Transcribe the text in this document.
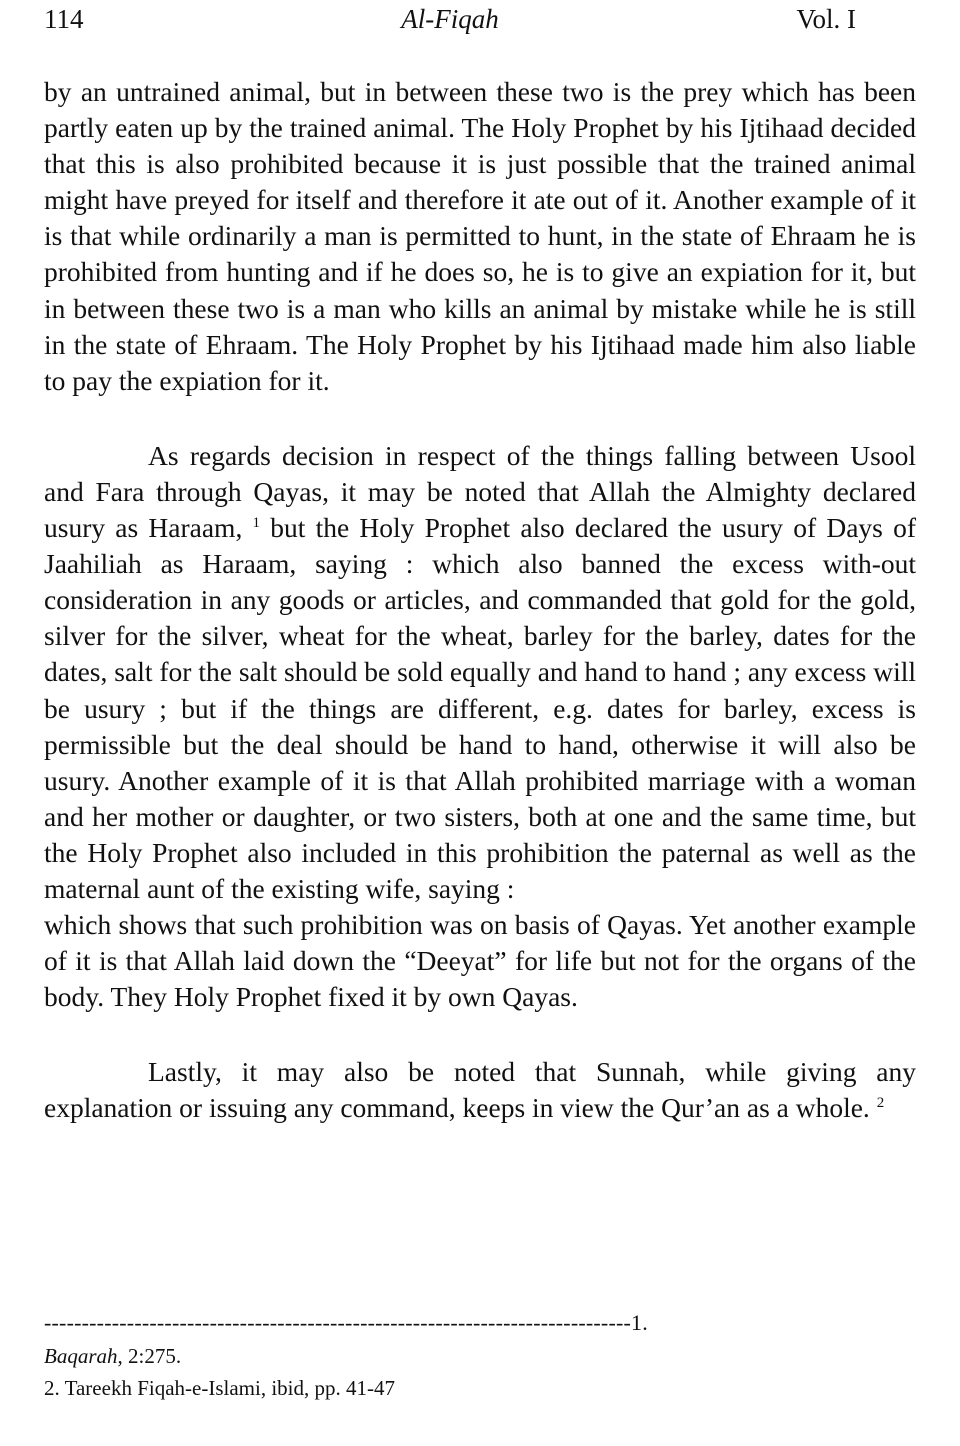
114	Al-Fiqah	Vol. I

by an untrained animal, but in between these two is the prey which has been partly eaten up by the trained animal. The Holy Prophet by his Ijtihaad decided that this is also prohibited because it is just possible that the trained animal might have preyed for itself and therefore it ate out of it. Another example of it is that while ordinarily a man is permitted to hunt, in the state of Ehraam he is prohibited from hunting and if he does so, he is to give an expiation for it, but in between these two is a man who kills an animal by mistake while he is still in the state of Ehraam. The Holy Prophet by his Ijtihaad made him also liable to pay the expiation for it.

As regards decision in respect of the things falling between Usool and Fara through Qayas, it may be noted that Allah the Almighty declared usury as Haraam, $^1$ but the Holy Prophet also declared the usury of Days of Jaahiliah as Haraam, saying : which also banned the excess with-out consideration in any goods or articles, and commanded that gold for the gold, silver for the silver, wheat for the wheat, barley for the barley, dates for the dates, salt for the salt should be sold equally and hand to hand ; any excess will be usury ; but if the things are different, e.g. dates for barley, excess is permissible but the deal should be hand to hand, otherwise it will also be usury. Another example of it is that Allah prohibited marriage with a woman and her mother or daughter, or two sisters, both at one and the same time, but the Holy Prophet also included in this prohibition the paternal as well as the maternal aunt of the existing wife, saying :

which shows that such prohibition was on basis of Qayas. Yet another example of it is that Allah laid down the “Deeyat” for life but not for the organs of the body. They Holy Prophet fixed it by own Qayas.

Lastly, it may also be noted that Sunnah, while giving any explanation or issuing any command, keeps in view the Qur’an as a whole. $^2$

------------------------------------------------------------------------------1.

Baqarah, 2:275.

2. Tareekh Fiqah-e-Islami, ibid, pp. 41-47
